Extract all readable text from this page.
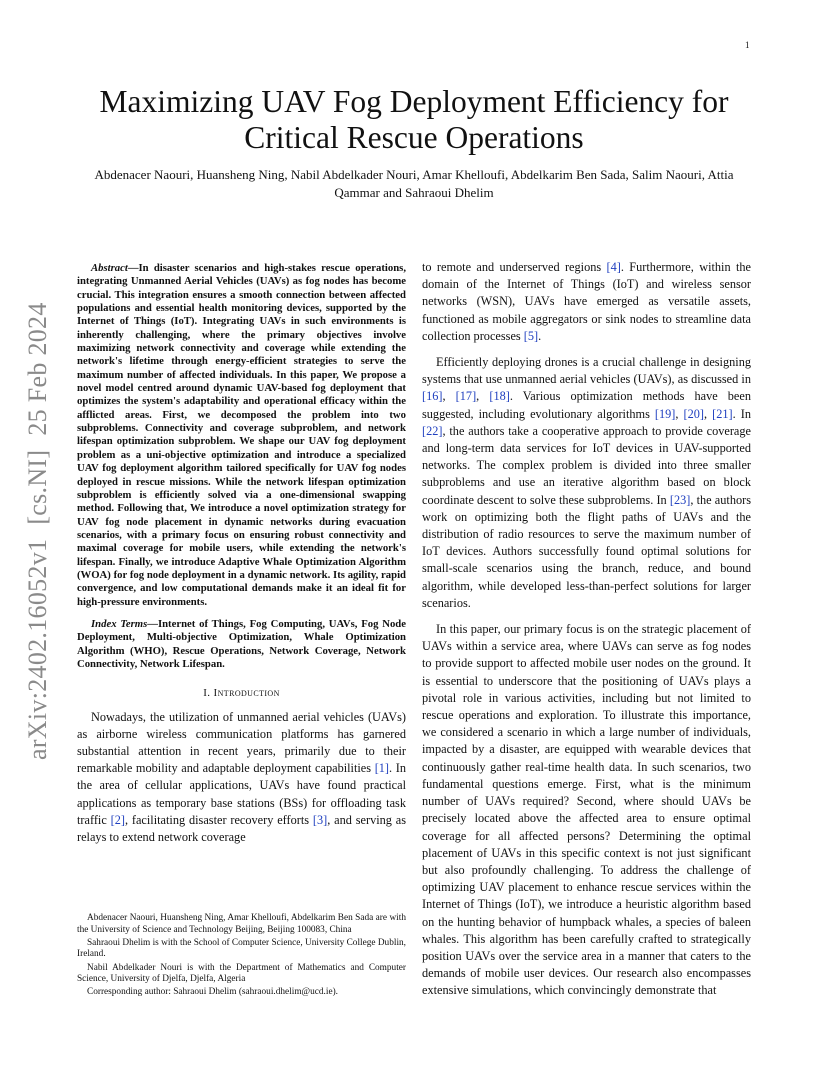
1
arXiv:2402.16052v1
[cs.NI]
25 Feb 2024
Maximizing UAV Fog Deployment Efficiency for Critical Rescue Operations

Abdenacer Naouri, Huansheng Ning, Nabil Abdelkader Nouri, Amar Khelloufi, Abdelkarim Ben Sada, Salim Naouri, Attia Qammar and Sahraoui Dhelim

Abstract—In disaster scenarios and high-stakes rescue operations, integrating Unmanned Aerial Vehicles (UAVs) as fog nodes has become crucial. This integration ensures a smooth connection between affected populations and essential health monitoring devices, supported by the Internet of Things (IoT). Integrating UAVs in such environments is inherently challenging, where the primary objectives involve maximizing network connectivity and coverage while extending the network's lifetime through energy-efficient strategies to serve the maximum number of affected individuals. In this paper, We propose a novel model centred around dynamic UAV-based fog deployment that optimizes the system's adaptability and operational efficacy within the afflicted areas. First, we decomposed the problem into two subproblems. Connectivity and coverage subproblem, and network lifespan optimization subproblem. We shape our UAV fog deployment problem as a uni-objective optimization and introduce a specialized UAV fog deployment algorithm tailored specifically for UAV fog nodes deployed in rescue missions. While the network lifespan optimization subproblem is efficiently solved via a one-dimensional swapping method. Following that, We introduce a novel optimization strategy for UAV fog node placement in dynamic networks during evacuation scenarios, with a primary focus on ensuring robust connectivity and maximal coverage for mobile users, while extending the network's lifespan. Finally, we introduce Adaptive Whale Optimization Algorithm (WOA) for fog node deployment in a dynamic network. Its agility, rapid convergence, and low computational demands make it an ideal fit for high-pressure environments.

Index Terms—Internet of Things, Fog Computing, UAVs, Fog Node Deployment, Multi-objective Optimization, Whale Optimization Algorithm (WHO), Rescue Operations, Network Coverage, Network Connectivity, Network Lifespan.

I. Introduction

Nowadays, the utilization of unmanned aerial vehicles (UAVs) as airborne wireless communication platforms has garnered substantial attention in recent years, primarily due to their remarkable mobility and adaptable deployment capabilities [1]. In the area of cellular applications, UAVs have found practical applications as temporary base stations (BSs) for offloading task traffic [2], facilitating disaster recovery efforts [3], and serving as relays to extend network coverage

Abdenacer Naouri, Huansheng Ning, Amar Khelloufi, Abdelkarim Ben Sada are with the University of Science and Technology Beijing, Beijing 100083, China

Sahraoui Dhelim is with the School of Computer Science, University College Dublin, Ireland.

Nabil Abdelkader Nouri is with the Department of Mathematics and Computer Science, University of Djelfa, Djelfa, Algeria

Corresponding author: Sahraoui Dhelim (sahraoui.dhelim@ucd.ie).

to remote and underserved regions [4]. Furthermore, within the domain of the Internet of Things (IoT) and wireless sensor networks (WSN), UAVs have emerged as versatile assets, functioned as mobile aggregators or sink nodes to streamline data collection processes [5].

Efficiently deploying drones is a crucial challenge in designing systems that use unmanned aerial vehicles (UAVs), as discussed in [16], [17], [18]. Various optimization methods have been suggested, including evolutionary algorithms [19], [20], [21]. In [22], the authors take a cooperative approach to provide coverage and long-term data services for IoT devices in UAV-supported networks. The complex problem is divided into three smaller subproblems and use an iterative algorithm based on block coordinate descent to solve these subproblems. In [23], the authors work on optimizing both the flight paths of UAVs and the distribution of radio resources to serve the maximum number of IoT devices. Authors successfully found optimal solutions for small-scale scenarios using the branch, reduce, and bound algorithm, while developed less-than-perfect solutions for larger scenarios.

In this paper, our primary focus is on the strategic placement of UAVs within a service area, where UAVs can serve as fog nodes to provide support to affected mobile user nodes on the ground. It is essential to underscore that the positioning of UAVs plays a pivotal role in various activities, including but not limited to rescue operations and exploration. To illustrate this importance, we considered a scenario in which a large number of individuals, impacted by a disaster, are equipped with wearable devices that continuously gather real-time health data. In such scenarios, two fundamental questions emerge. First, what is the minimum number of UAVs required? Second, where should UAVs be precisely located above the affected area to ensure optimal coverage for all affected persons? Determining the optimal placement of UAVs in this specific context is not just significant but also profoundly challenging. To address the challenge of optimizing UAV placement to enhance rescue services within the Internet of Things (IoT), we introduce a heuristic algorithm based on the hunting behavior of humpback whales, a species of baleen whales. This algorithm has been carefully crafted to strategically position UAVs over the service area in a manner that caters to the demands of mobile user devices. Our research also encompasses extensive simulations, which convincingly demonstrate that
